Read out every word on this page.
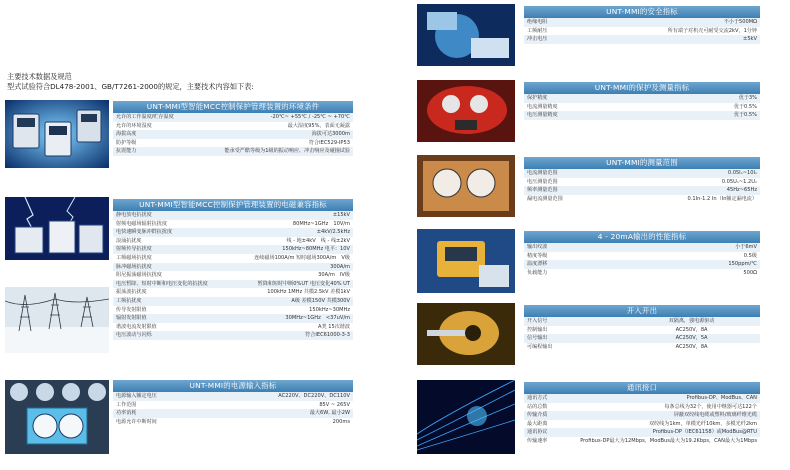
主要技术数据及规范
型式试验符合DL478-2001、GB/T7261-2000的规定，主要技术内容如下表:
UNT-MMI型智能MCC控制保护管理装置的环境条件
允许的工作温度/贮存温度	-20℃~ +55℃ / -25℃ ~ +70℃
允许的环境湿度	最大湿度95%，表面无凝露
海拔高度	海拔可达3000m
防护等级	符合IEC529-IP53
抗震能力	能承受严酷等级为1级的振动响应、冲击响应及碰撞试验
UNT-MMI型智能MCC控制保护管理装置的电磁兼容指标
静电放电抗扰度	±15kV
射频电磁场辐射抗扰度	80MHz~1GHz　10V/m
电快速瞬变脉冲群抗扰度	±4kV/2.5kHz
浪涌抗扰度	线 - 地±4kV　线 - 线±2kV
射频传导抗扰度	150kHz~80MHz 电平：10V
工频磁场抗扰度	连续磁场100A/m 短时磁场300A/m　V级
脉冲磁场抗扰度	300A/m
阻尼振荡磁场抗扰度	30A/m　IV级
电压暂降、短时中断和电压变化的抗扰度	暂降和短时中断0%UT 电压变化40% UT
振荡波抗扰度	100kHz 1MHz 共模2.5kV 差模1kV
工频抗扰度	A级 差模150V 共模300V
传导发射限值	150kHz~30MHz
辐射发射限值	30MHz~1GHz　<37uV/m
谐波电流发射限值	A类 15次谐波
电压波动与闪烁	符合IEC61000-3-3
UNT-MMI的电源输入指标
电源输入额定电压	AC220V、DC220V、DC110V
工作范围	85V ~ 265V
功率消耗	最大6W, 最小2W
电源允许中断时间	200ms
UNT-MMI的安全指标
绝缘电阻	不小于500MΩ
工频耐压	所有端子对机壳可耐受交流2kV，1分钟
冲击电压	±5kV
UNT-MMI的保护及测量指标
保护精度	优于3%
电流测量精度	优于0.5%
电压测量精度	优于0.5%
UNT-MMI的测量范围
电流测量范围	0.05Iₙ~10Iₙ
电压测量范围	0.05Uₙ~1.2Uₙ
频率测量范围	45Hz~65Hz
漏电流测量范围	0.1In-1.2 In（In额定漏电流）
4 - 20mA输出的性能指标
输出纹波	小于6mV
精度等级	0.5级
温度漂移	150ppm/℃
负载能力	500Ω
开入开出
开入信号	双隔离，強电源驱动
控制输出	AC250V，8A
信号输出	AC250V，5A
可编程输出	AC250V，8A
通讯接口
通讯方式	Profibus-DP、ModBus、CAN
站的总数	每条总线为32个，使用中继器可达122个
传输介质	屏蔽双绞线电缆或塑料/玻璃纤维光缆
最大距离	双绞线为1km，单模光纤10km，多模光纤2km
通讯协议	Profibus-DP（IEC61158）或ModBus@RTU
传输速率	Profibus-DP最大为12Mbps，ModBus最大为19.2Kbps，CAN最大为1Mbps
